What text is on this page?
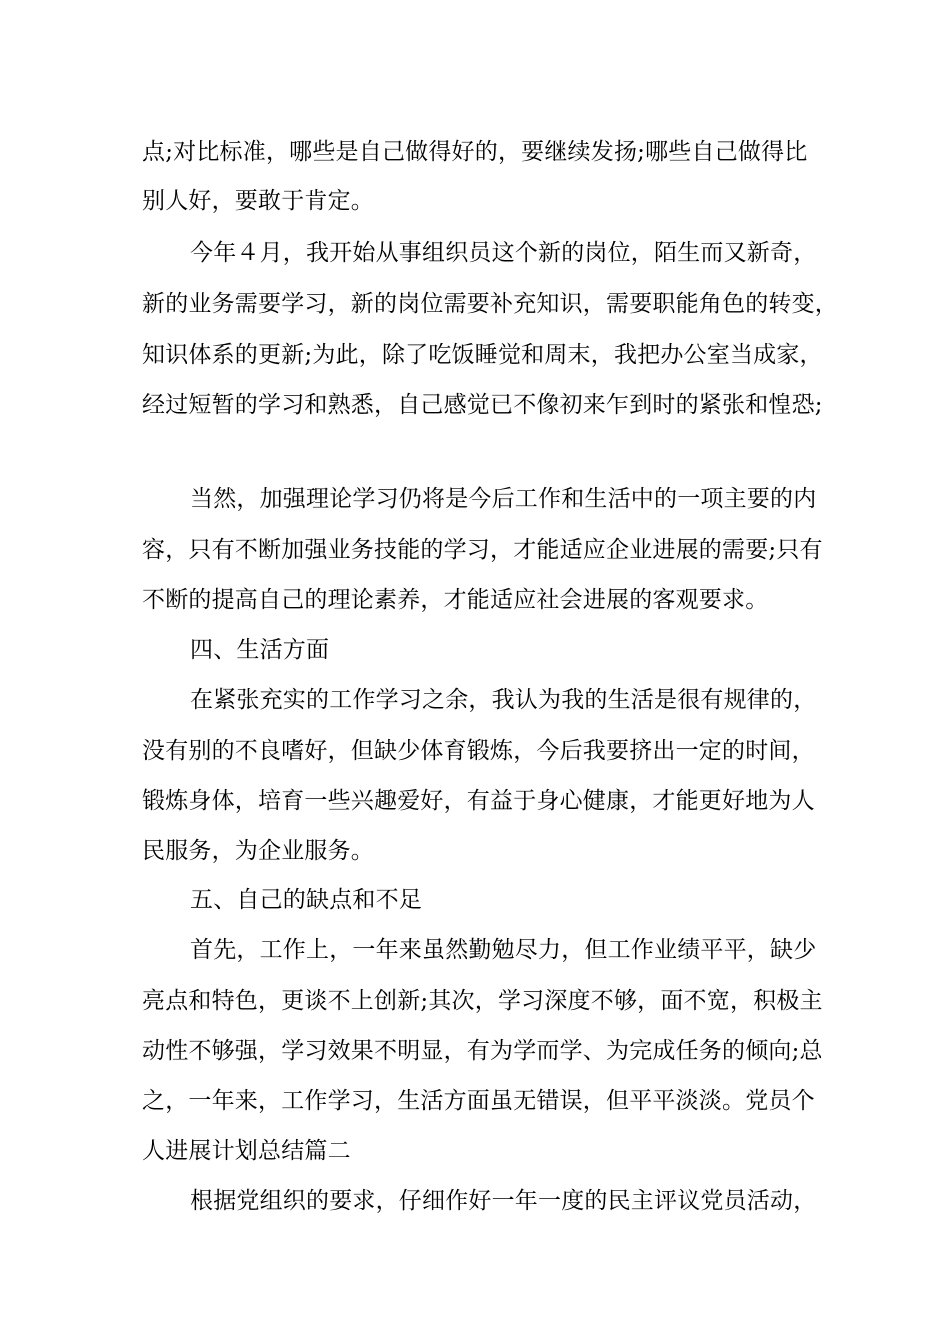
点;对比标准，哪些是自己做得好的，要继续发扬;哪些自己做得比
别人好，要敢于肯定。
今年４月，我开始从事组织员这个新的岗位，陌生而又新奇，
新的业务需要学习，新的岗位需要补充知识，需要职能角色的转变，
知识体系的更新;为此，除了吃饭睡觉和周末，我把办公室当成家，
经过短暂的学习和熟悉，自己感觉已不像初来乍到时的紧张和惶恐;
当然，加强理论学习仍将是今后工作和生活中的一项主要的内
容，只有不断加强业务技能的学习，才能适应企业进展的需要;只有
不断的提高自己的理论素养，才能适应社会进展的客观要求。
四、生活方面
在紧张充实的工作学习之余，我认为我的生活是很有规律的，
没有别的不良嗜好，但缺少体育锻炼，今后我要挤出一定的时间，
锻炼身体，培育一些兴趣爱好，有益于身心健康，才能更好地为人
民服务，为企业服务。
五、自己的缺点和不足
首先，工作上，一年来虽然勤勉尽力，但工作业绩平平，缺少
亮点和特色，更谈不上创新;其次，学习深度不够，面不宽，积极主
动性不够强，学习效果不明显，有为学而学、为完成任务的倾向;总
之，一年来，工作学习，生活方面虽无错误，但平平淡淡。党员个
人进展计划总结篇二
根据党组织的要求，仔细作好一年一度的民主评议党员活动，
